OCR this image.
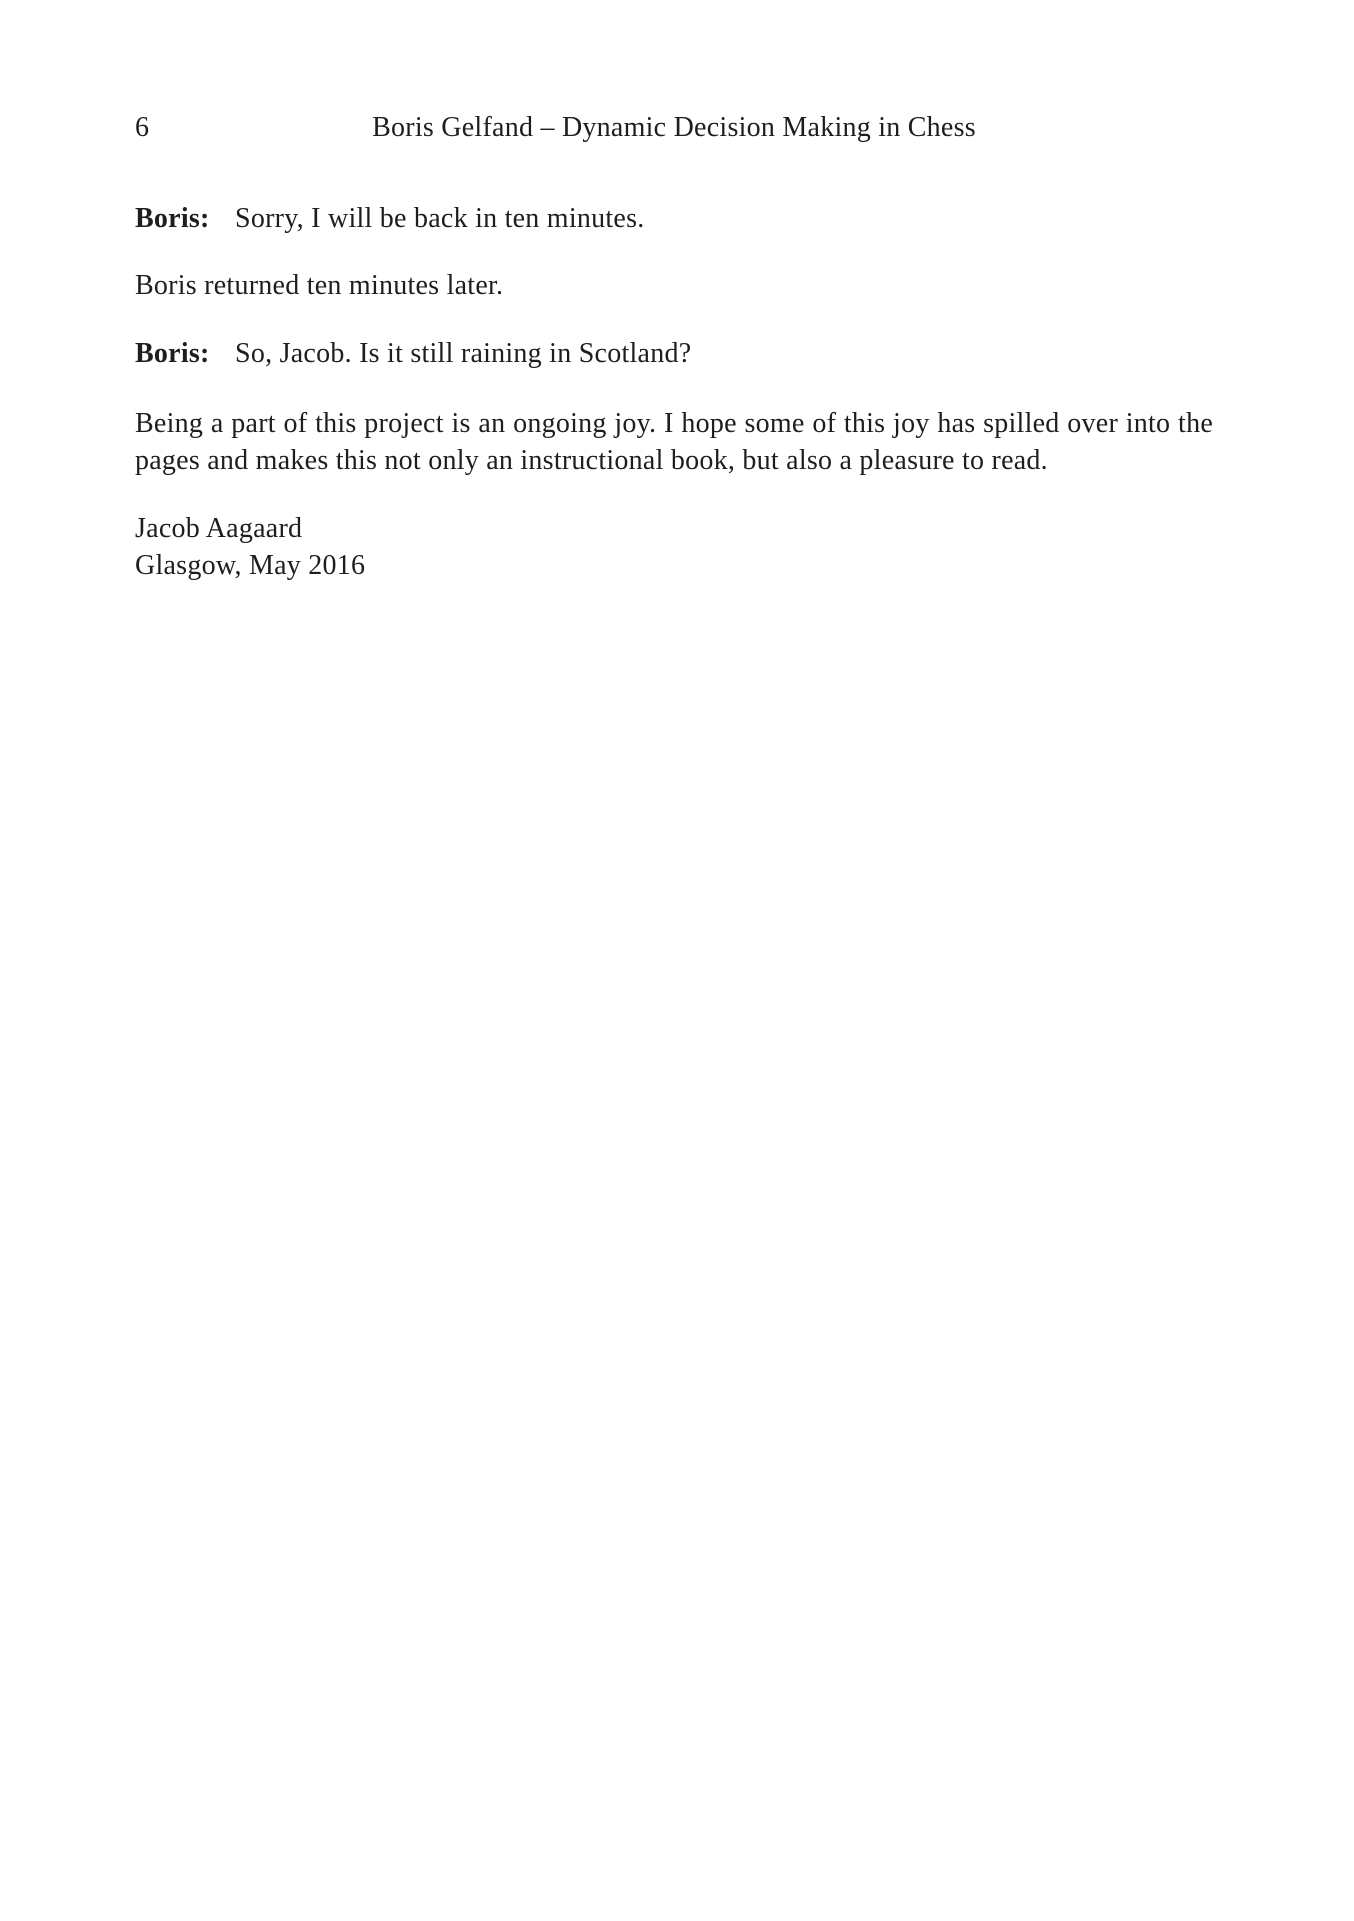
6	Boris Gelfand – Dynamic Decision Making in Chess
Boris: Sorry, I will be back in ten minutes.
Boris returned ten minutes later.
Boris: So, Jacob. Is it still raining in Scotland?
Being a part of this project is an ongoing joy. I hope some of this joy has spilled over into the pages and makes this not only an instructional book, but also a pleasure to read.
Jacob Aagaard
Glasgow, May 2016
